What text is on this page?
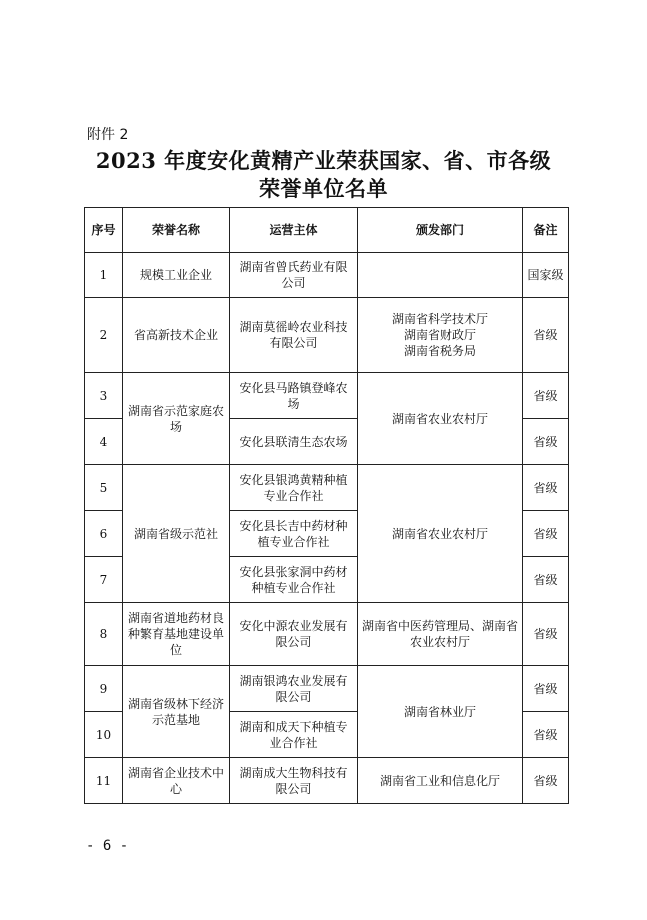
附件 2
2023 年度安化黄精产业荣获国家、省、市各级
荣誉单位名单
序号	荣誉名称	运营主体	颁发部门	备注
1	规模工业企业	湖南省曾氏药业有限公司		国家级
2	省高新技术企业	湖南莫徭岭农业科技有限公司	湖南省科学技术厅
湖南省财政厅
湖南省税务局	省级
3	湖南省示范家庭农场	安化县马路镇登峰农场	湖南省农业农村厅	省级
4		安化县联清生态农场		省级
5	湖南省级示范社	安化县银鸿黄精种植专业合作社	湖南省农业农村厅	省级
6		安化县长吉中药材种植专业合作社		省级
7		安化县张家洞中药材种植专业合作社		省级
8	湖南省道地药材良种繁育基地建设单位	安化中源农业发展有限公司	湖南省中医药管理局、湖南省农业农村厅	省级
9	湖南省级林下经济示范基地	湖南银鸿农业发展有限公司	湖南省林业厅	省级
10		湖南和成天下种植专业合作社		省级
11	湖南省企业技术中心	湖南成大生物科技有限公司	湖南省工业和信息化厅	省级
- 6 -
